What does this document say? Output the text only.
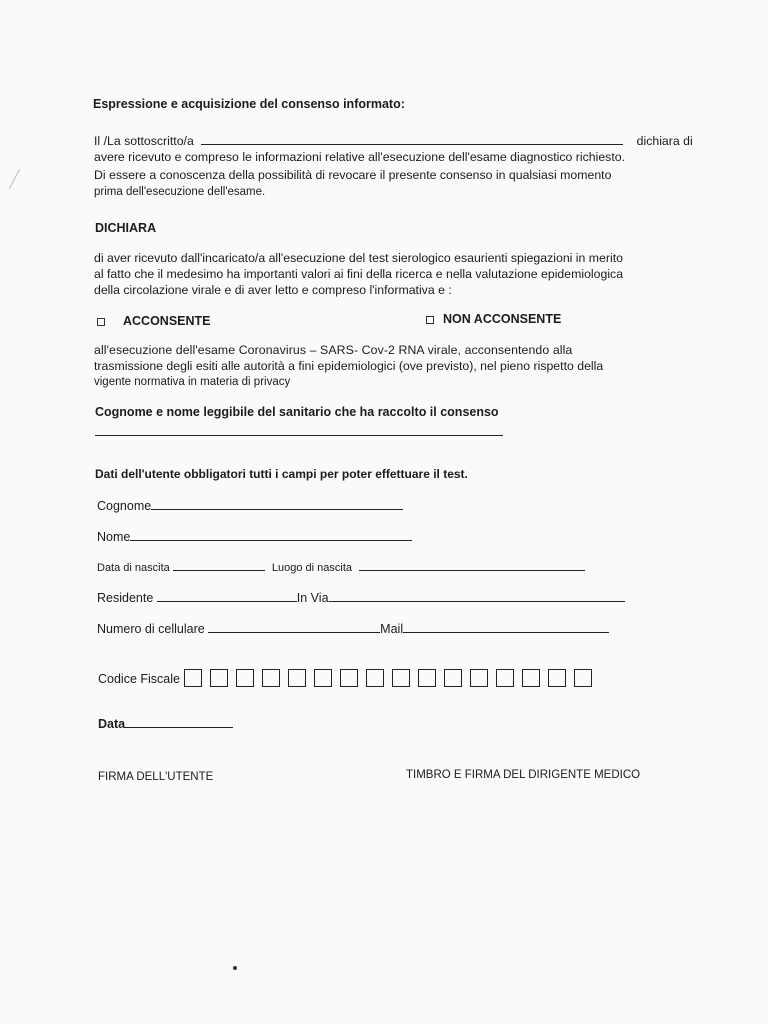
Espressione e acquisizione del consenso informato:
Il /La sottoscritto/a	dichiara di
avere ricevuto e compreso le informazioni relative all'esecuzione dell'esame diagnostico richiesto.
Di essere a conoscenza della possibilità di revocare il presente consenso in qualsiasi momento
prima dell'esecuzione dell'esame.
DICHIARA
di aver ricevuto dall'incaricato/a all'esecuzione del test sierologico esaurienti spiegazioni in merito
al fatto che il medesimo ha importanti valori ai fini della ricerca e nella valutazione epidemiologica
della circolazione virale e di aver letto e compreso l'informativa e :
ACCONSENTE	NON ACCONSENTE
all'esecuzione dell'esame Coronavirus – SARS- Cov-2 RNA virale, acconsentendo alla
trasmissione degli esiti alle autorità a fini epidemiologici (ove previsto), nel pieno rispetto della
vigente normativa in materia di privacy
Cognome e nome leggibile del sanitario che ha raccolto il consenso
Dati dell'utente obbligatori tutti i campi per poter effettuare il test.
Cognome
Nome
Data di nascita	Luogo di nascita
Residente	In Via
Numero di cellulare	Mail
Codice Fiscale
Data
FIRMA DELL'UTENTE	TIMBRO E FIRMA DEL DIRIGENTE MEDICO
